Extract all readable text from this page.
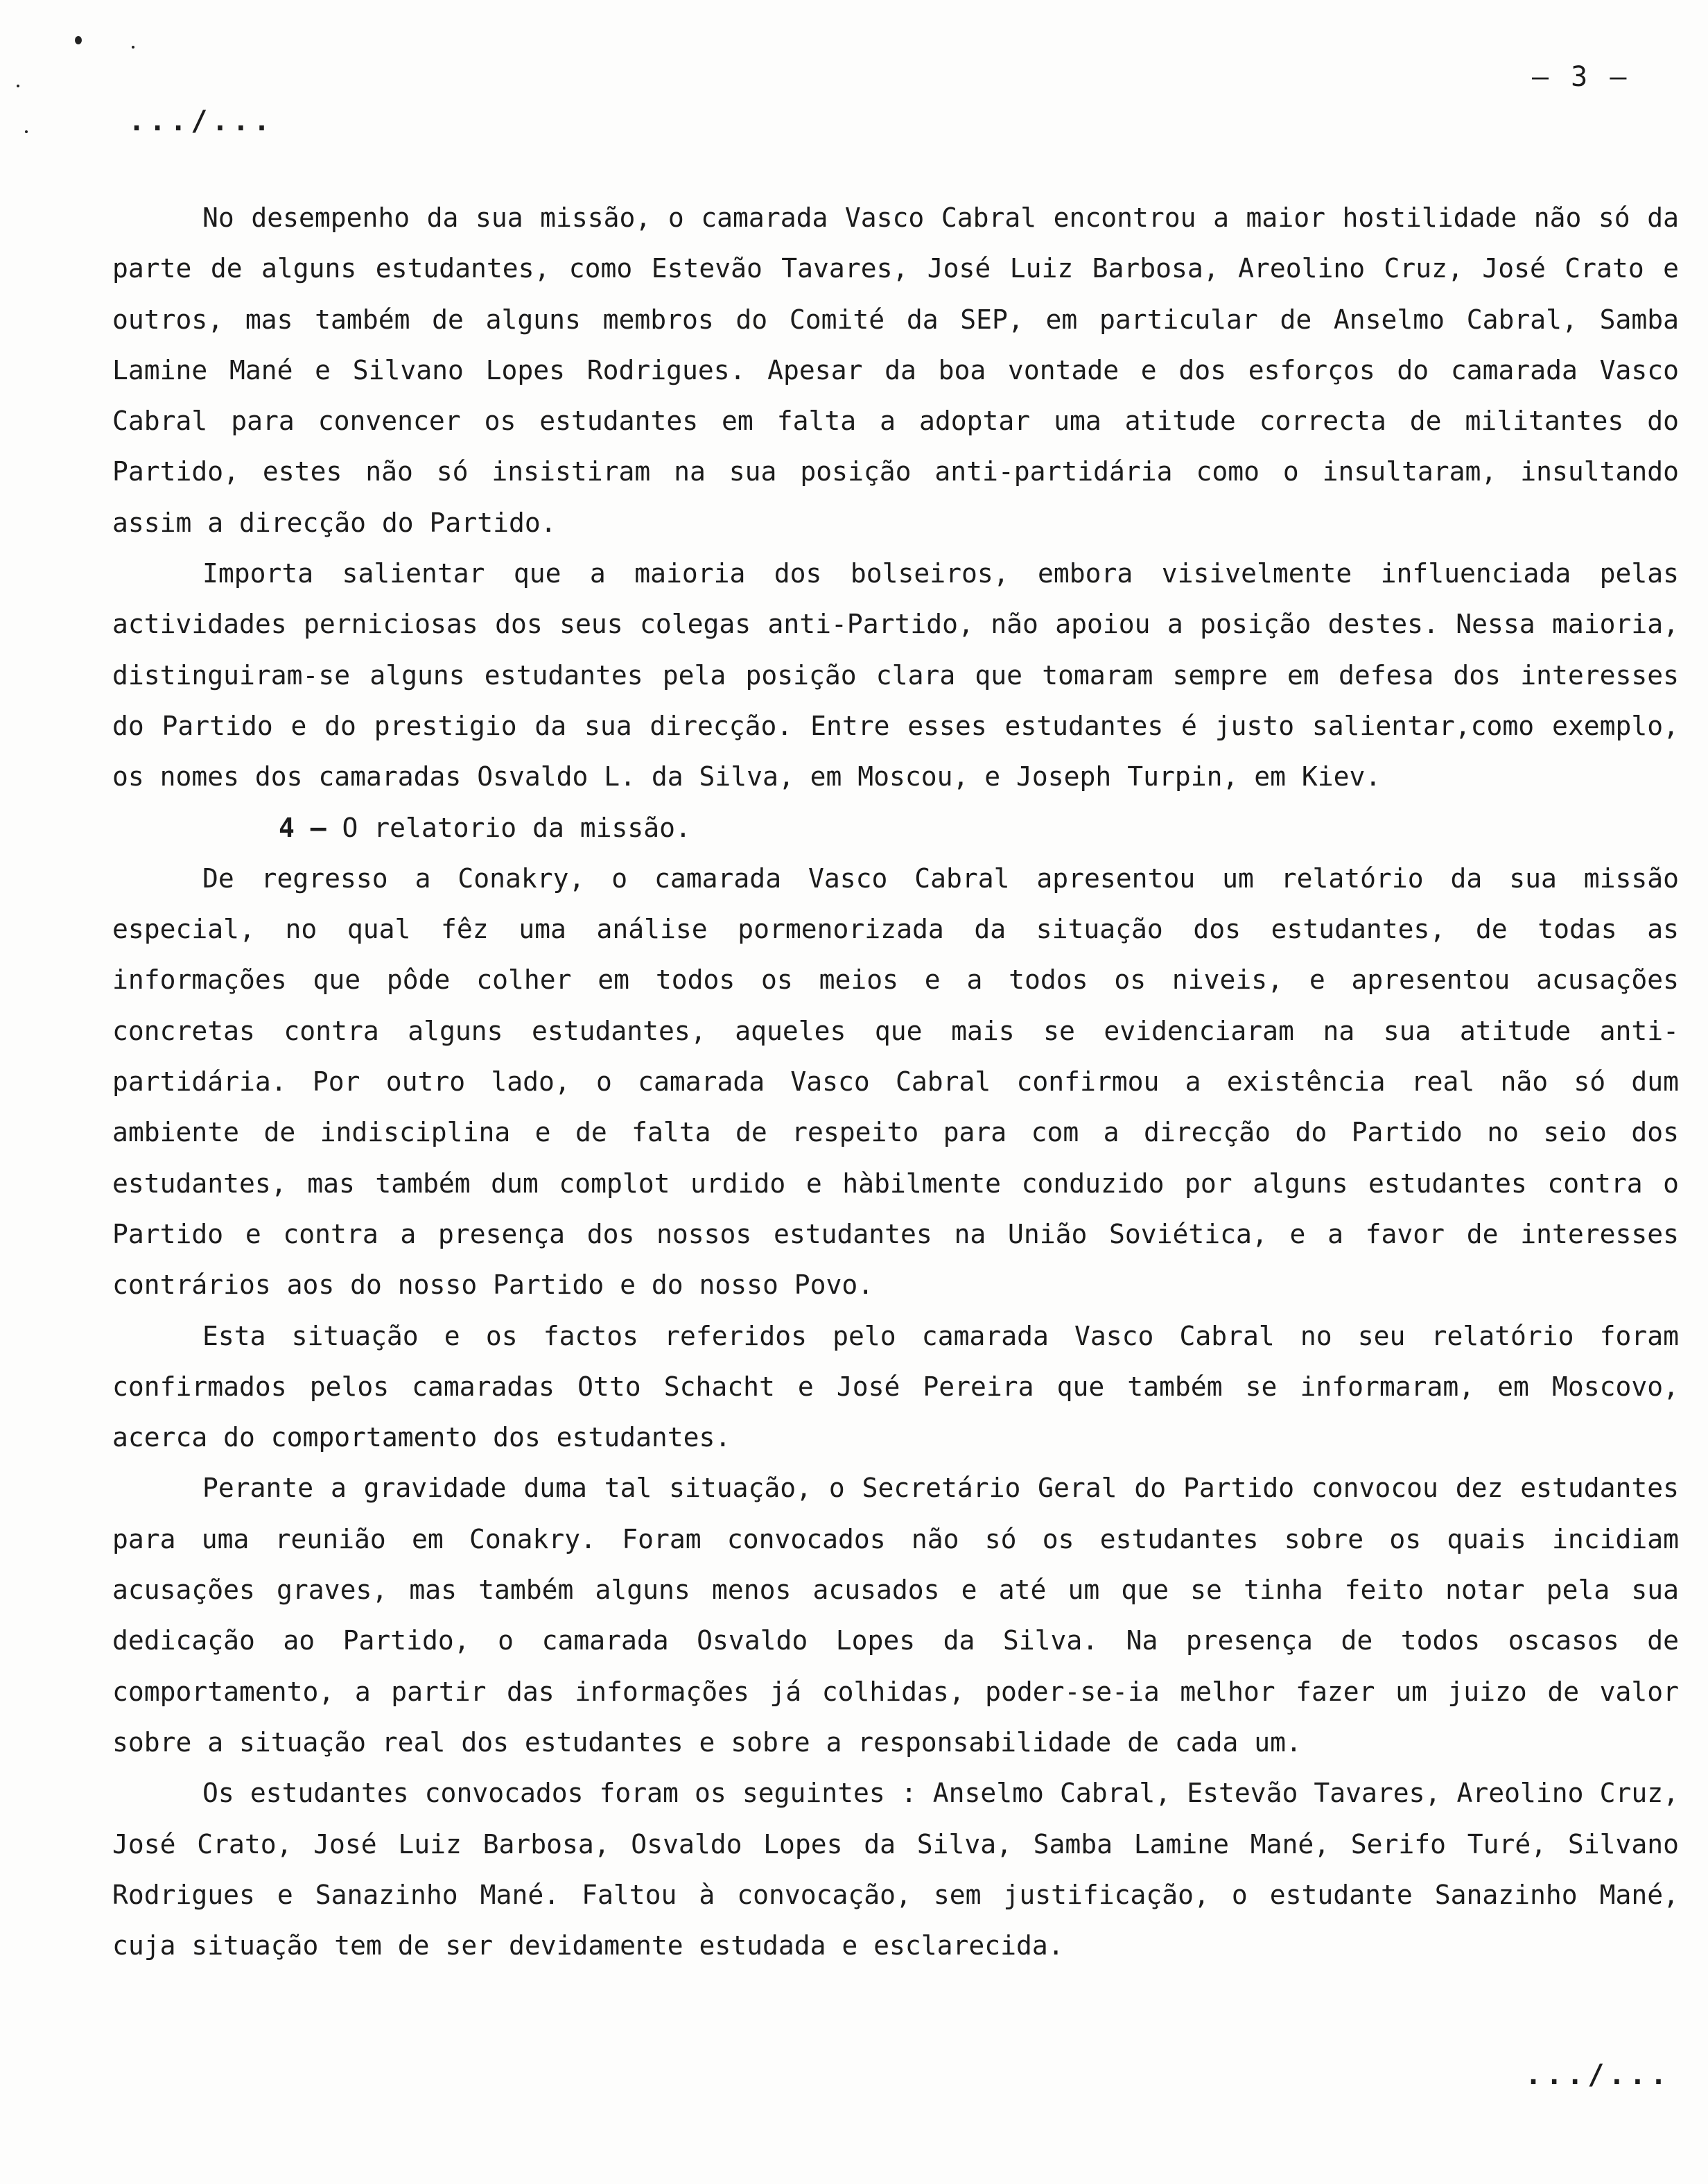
– 3 –
.../...

No desempenho da sua missão, o camarada Vasco Cabral encontrou a maior hostilidade não só da parte de alguns estudantes, como Estevão Tavares, José Luiz Barbosa, Areolino Cruz, José Crato e outros, mas também de alguns membros do Comité da SEP, em particular de Anselmo Cabral, Samba Lamine Mané e Silvano Lopes Rodrigues. Apesar da boa vontade e dos esforços do camarada Vasco Cabral para convencer os estudantes em falta a adoptar uma atitude correcta de militantes do Partido, estes não só insistiram na sua posição anti-partidária como o insultaram, insultando assim a direcção do Partido.

Importa salientar que a maioria dos bolseiros, embora visivelmente influenciada pelas actividades perniciosas dos seus colegas anti-Partido, não apoiou a posição destes. Nessa maioria, distinguiram-se alguns estudantes pela posição clara que tomaram sempre em defesa dos interesses do Partido e do prestigio da sua direcção. Entre esses estudantes é justo salientar,como exemplo, os nomes dos camaradas Osvaldo L. da Silva, em Moscou, e Joseph Turpin, em Kiev.

4 – O relatorio da missão.

De regresso a Conakry, o camarada Vasco Cabral apresentou um relatório da sua missão especial, no qual fêz uma análise pormenorizada da situação dos estudantes, de todas as informações que pôde colher em todos os meios e a todos os niveis, e apresentou acusações concretas contra alguns estudantes, aqueles que mais se evidenciaram na sua atitude anti-partidária. Por outro lado, o camarada Vasco Cabral confirmou a existência real não só dum ambiente de indisciplina e de falta de respeito para com a direcção do Partido no seio dos estudantes, mas também dum complot urdido e hàbilmente conduzido por alguns estudantes contra o Partido e contra a presença dos nossos estudantes na União Soviética, e a favor de interesses contrários aos do nosso Partido e do nosso Povo.

Esta situação e os factos referidos pelo camarada Vasco Cabral no seu relatório foram confirmados pelos camaradas Otto Schacht e José Pereira que também se informaram, em Moscovo, acerca do comportamento dos estudantes.

Perante a gravidade duma tal situação, o Secretário Geral do Partido convocou dez estudantes para uma reunião em Conakry. Foram convocados não só os estudantes sobre os quais incidiam acusações graves, mas também alguns menos acusados e até um que se tinha feito notar pela sua dedicação ao Partido, o camarada Osvaldo Lopes da Silva. Na presença de todos oscasos de comportamento, a partir das informações já colhidas, poder-se-ia melhor fazer um juizo de valor sobre a situação real dos estudantes e sobre a responsabilidade de cada um.

Os estudantes convocados foram os seguintes : Anselmo Cabral, Estevão Tavares, Areolino Cruz, José Crato, José Luiz Barbosa, Osvaldo Lopes da Silva, Samba Lamine Mané, Serifo Turé, Silvano Rodrigues e Sanazinho Mané. Faltou à convocação, sem justificação, o estudante Sanazinho Mané, cuja situação tem de ser devidamente estudada e esclarecida.

.../...
